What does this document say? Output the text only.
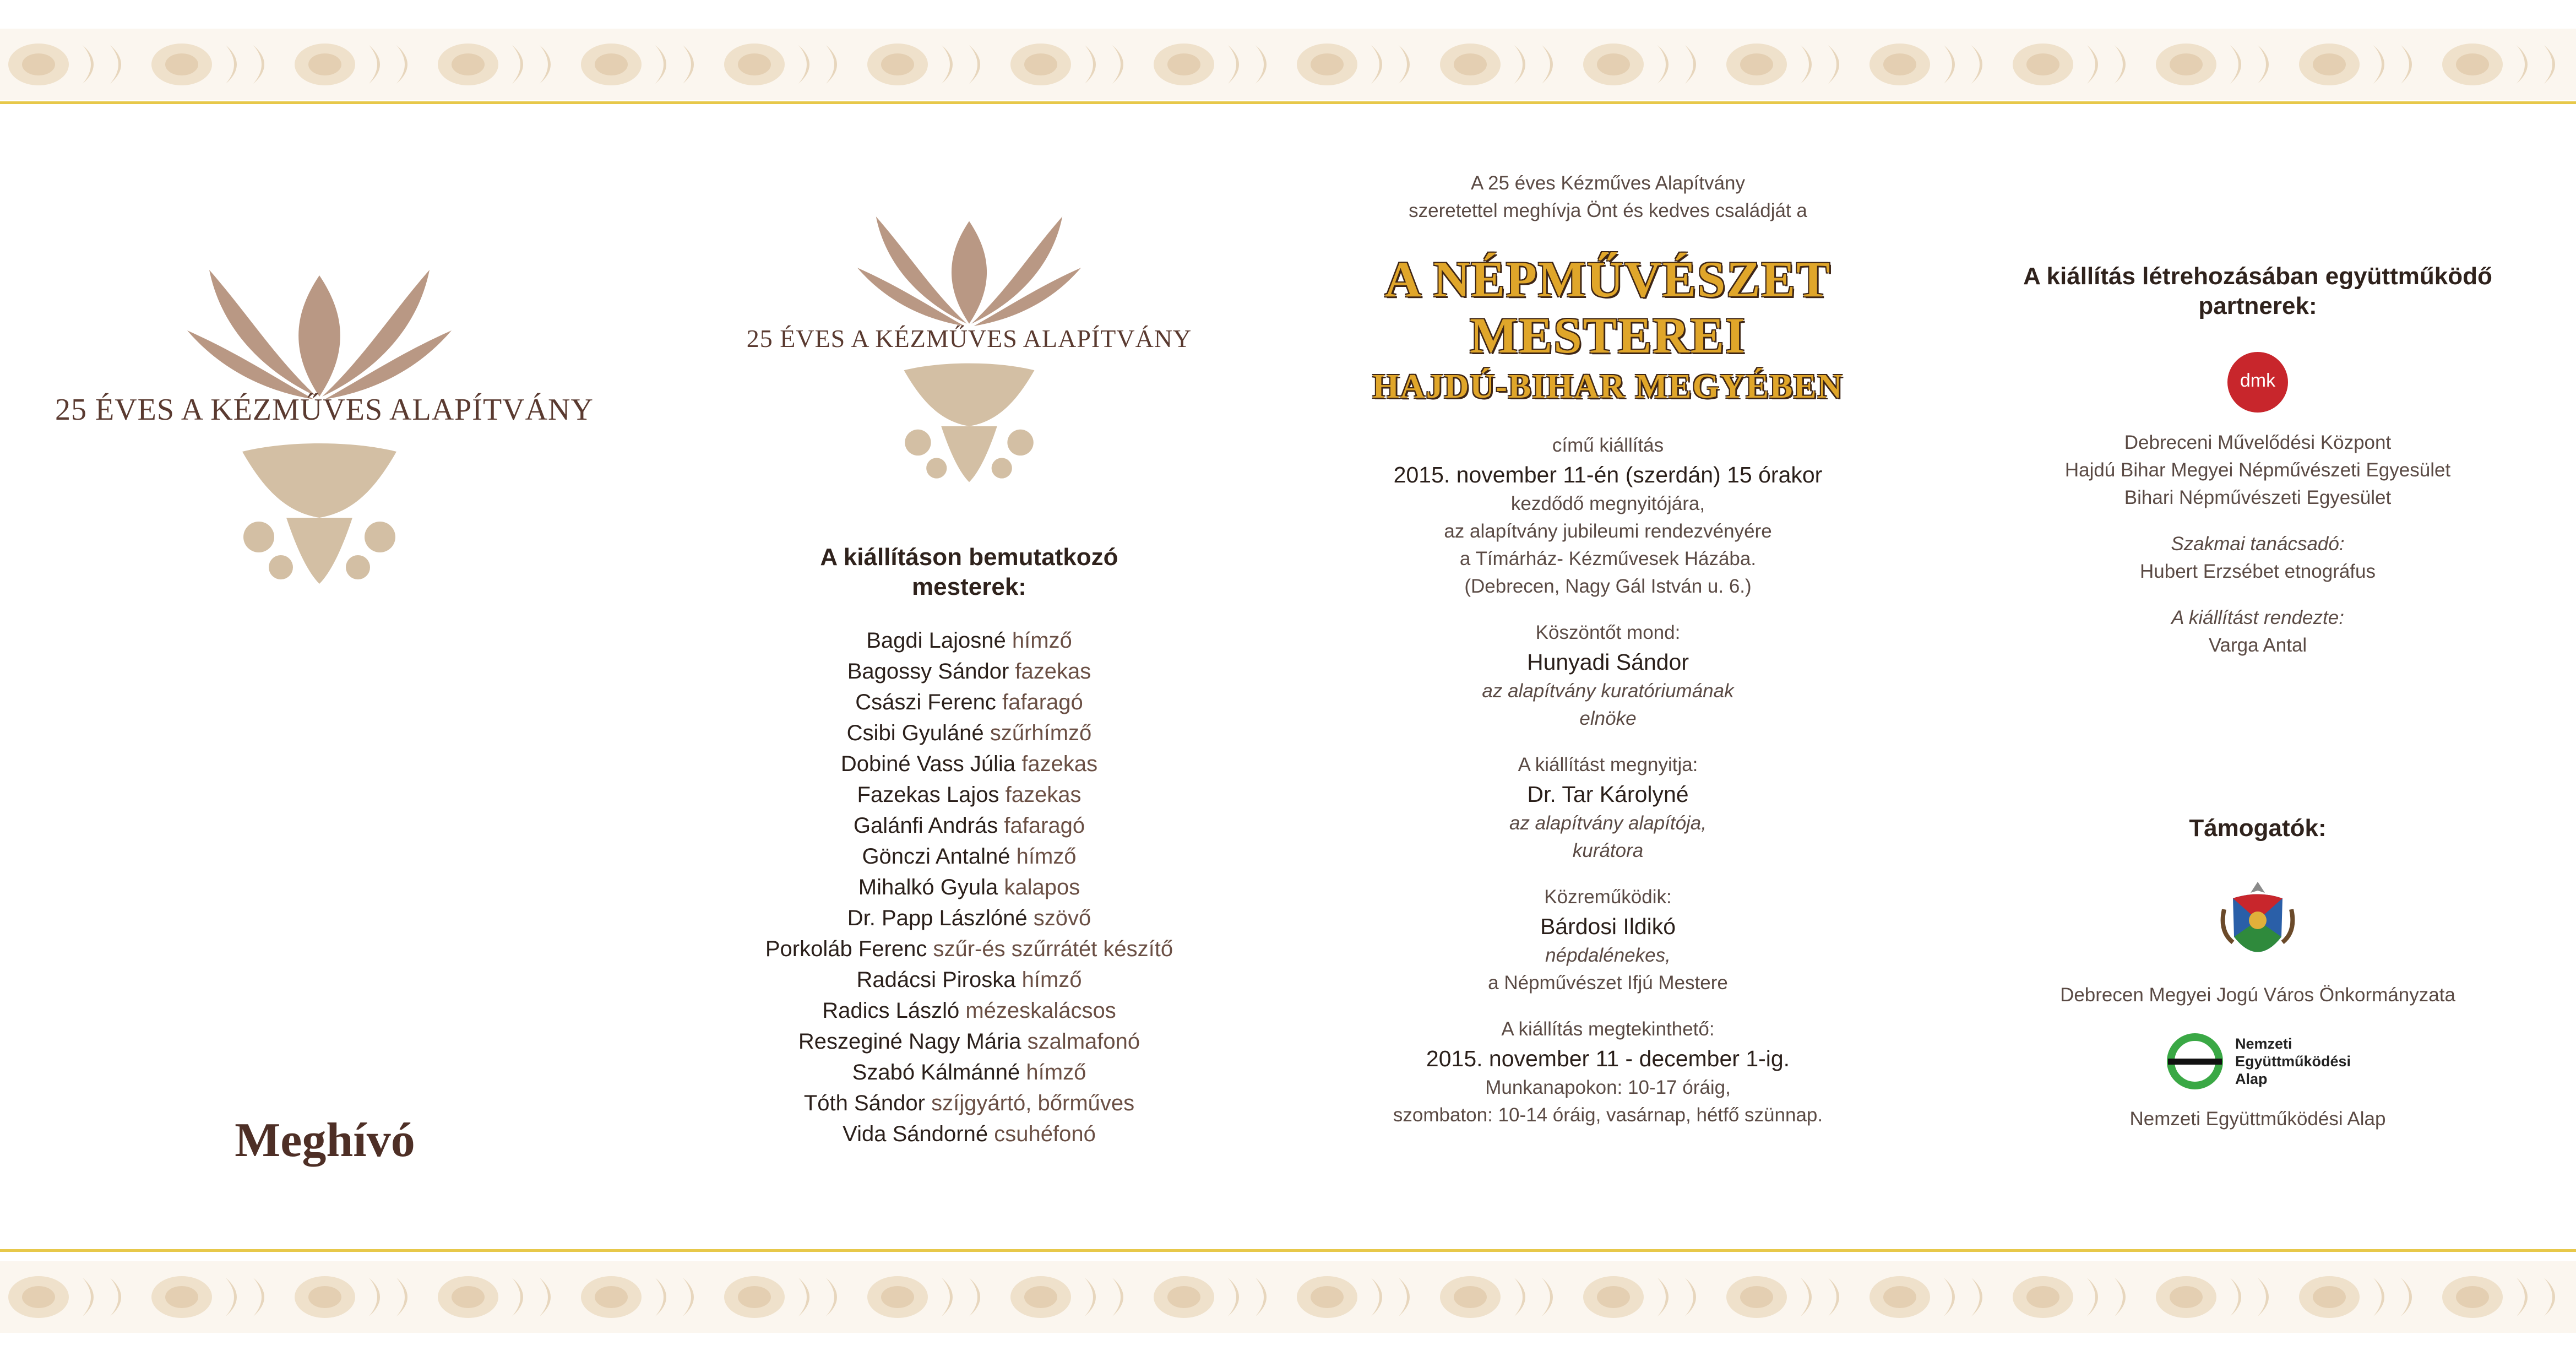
25 ÉVES A KÉZMŰVES ALAPÍTVÁNY
Meghívó
25 ÉVES A KÉZMŰVES ALAPÍTVÁNY
A kiállításon bemutatkozó
mesterek:
Bagdi Lajosné hímző
Bagossy Sándor fazekas
Császi Ferenc fafaragó
Csibi Gyuláné szűrhímző
Dobiné Vass Júlia fazekas
Fazekas Lajos fazekas
Galánfi András fafaragó
Gönczi Antalné hímző
Mihalkó Gyula kalapos
Dr. Papp Lászlóné szövő
Porkoláb Ferenc szűr-és szűrrátét készítő
Radácsi Piroska hímző
Radics László mézeskalácsos
Reszeginé Nagy Mária szalmafonó
Szabó Kálmánné hímző
Tóth Sándor szíjgyártó, bőrműves
Vida Sándorné csuhéfonó
A 25 éves Kézműves Alapítvány
szeretettel meghívja Önt és kedves családját a
A NÉPMŰVÉSZET
MESTEREI
HAJDÚ-BIHAR MEGYÉBEN
című kiállítás
2015. november 11-én (szerdán) 15 órakor
kezdődő megnyitójára,
az alapítvány jubileumi rendezvényére
a Tímárház- Kézművesek Házába.
(Debrecen, Nagy Gál István u. 6.)
Köszöntőt mond:
Hunyadi Sándor
az alapítvány kuratóriumának
elnöke
A kiállítást megnyitja:
Dr. Tar Károlyné
az alapítvány alapítója,
kurátora
Közreműködik:
Bárdosi Ildikó
népdalénekes,
a Népművészet Ifjú Mestere
A kiállítás megtekinthető:
2015. november 11 - december 1-ig.
Munkanapokon: 10-17 óráig,
szombaton: 10-14 óráig, vasárnap, hétfő szünnap.
A kiállítás létrehozásában együttműködő
partnerek:
dmk
Debreceni Művelődési Központ
Hajdú Bihar Megyei Népművészeti Egyesület
Bihari Népművészeti Egyesület
Szakmai tanácsadó:
Hubert Erzsébet etnográfus
A kiállítást rendezte:
Varga Antal
Támogatók:
Debrecen Megyei Jogú Város Önkormányzata
Nemzeti
Együttműködési
Alap
Nemzeti Együttműködési Alap
